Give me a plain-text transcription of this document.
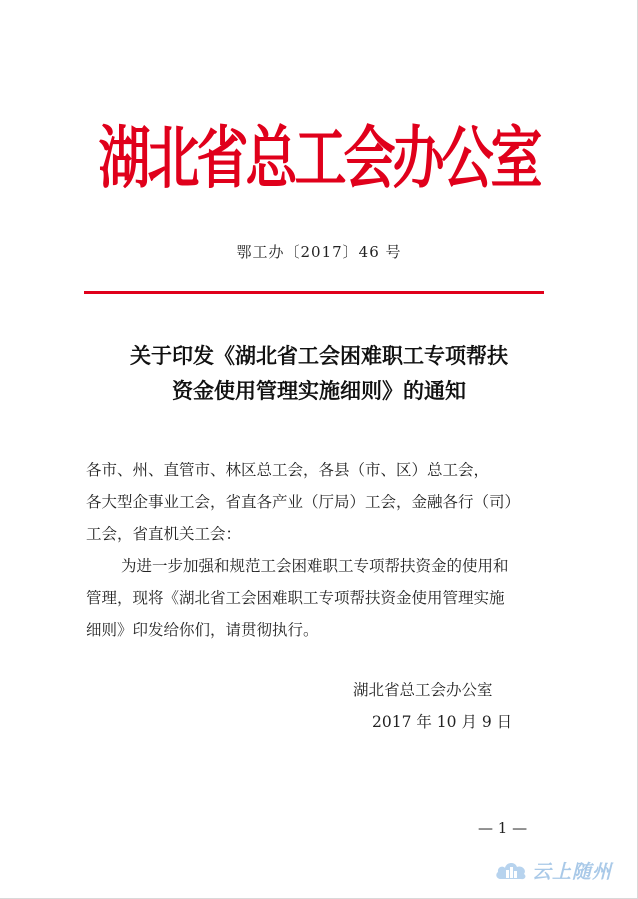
湖北省总工会办公室
鄂工办〔2017〕46 号
关于印发《湖北省工会困难职工专项帮扶
资金使用管理实施细则》的通知
各市、州、直管市、林区总工会，各县（市、区）总工会，
各大型企事业工会，省直各产业（厅局）工会，金融各行（司）
工会，省直机关工会：
为进一步加强和规范工会困难职工专项帮扶资金的使用和
管理，现将《湖北省工会困难职工专项帮扶资金使用管理实施
细则》印发给你们，请贯彻执行。
湖北省总工会办公室
2017 年 10 月 9 日
— 1 —
云上随州
